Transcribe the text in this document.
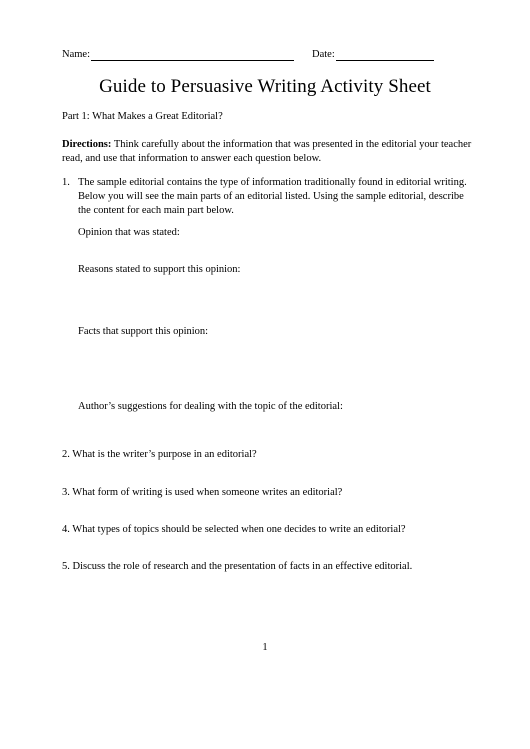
Name:	Date:
Guide to Persuasive Writing Activity Sheet
Part 1: What Makes a Great Editorial?
Directions: Think carefully about the information that was presented in the editorial your teacher read, and use that information to answer each question below.
1. The sample editorial contains the type of information traditionally found in editorial writing. Below you will see the main parts of an editorial listed. Using the sample editorial, describe the content for each main part below.
Opinion that was stated:
Reasons stated to support this opinion:
Facts that support this opinion:
Author’s suggestions for dealing with the topic of the editorial:
2. What is the writer’s purpose in an editorial?
3. What form of writing is used when someone writes an editorial?
4. What types of topics should be selected when one decides to write an editorial?
5. Discuss the role of research and the presentation of facts in an effective editorial.
1
